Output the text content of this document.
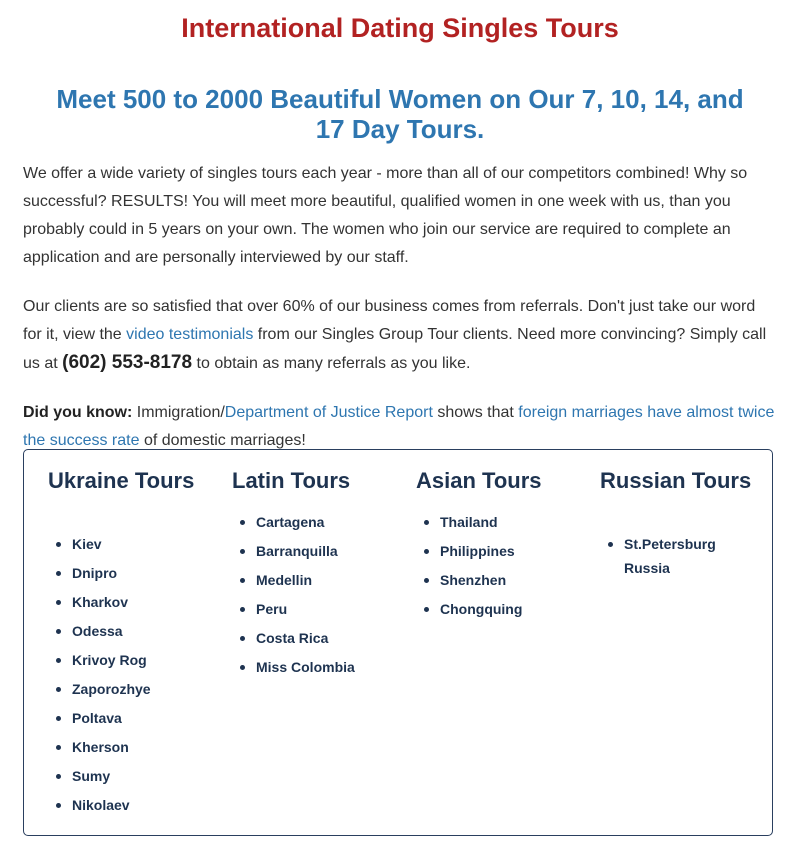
International Dating Singles Tours
Meet 500 to 2000 Beautiful Women on Our 7, 10, 14, and 17 Day Tours.

We offer a wide variety of singles tours each year - more than all of our competitors combined! Why so successful? RESULTS! You will meet more beautiful, qualified women in one week with us, than you probably could in 5 years on your own. The women who join our service are required to complete an application and are personally interviewed by our staff.

Our clients are so satisfied that over 60% of our business comes from referrals. Don't just take our word for it, view the video testimonials from our Singles Group Tour clients. Need more convincing? Simply call us at (602) 553-8178 to obtain as many referrals as you like.

Did you know: Immigration/Department of Justice Report shows that foreign marriages have almost twice the success rate of domestic marriages!

Ukraine Tours
Kiev
Dnipro
Kharkov
Odessa
Krivoy Rog
Zaporozhye
Poltava
Kherson
Sumy
Nikolaev
Latin Tours
Cartagena
Barranquilla
Medellin
Peru
Costa Rica
Miss Colombia
Asian Tours
Thailand
Philippines
Shenzhen
Chongquing
Russian Tours
St.Petersburg Russia
